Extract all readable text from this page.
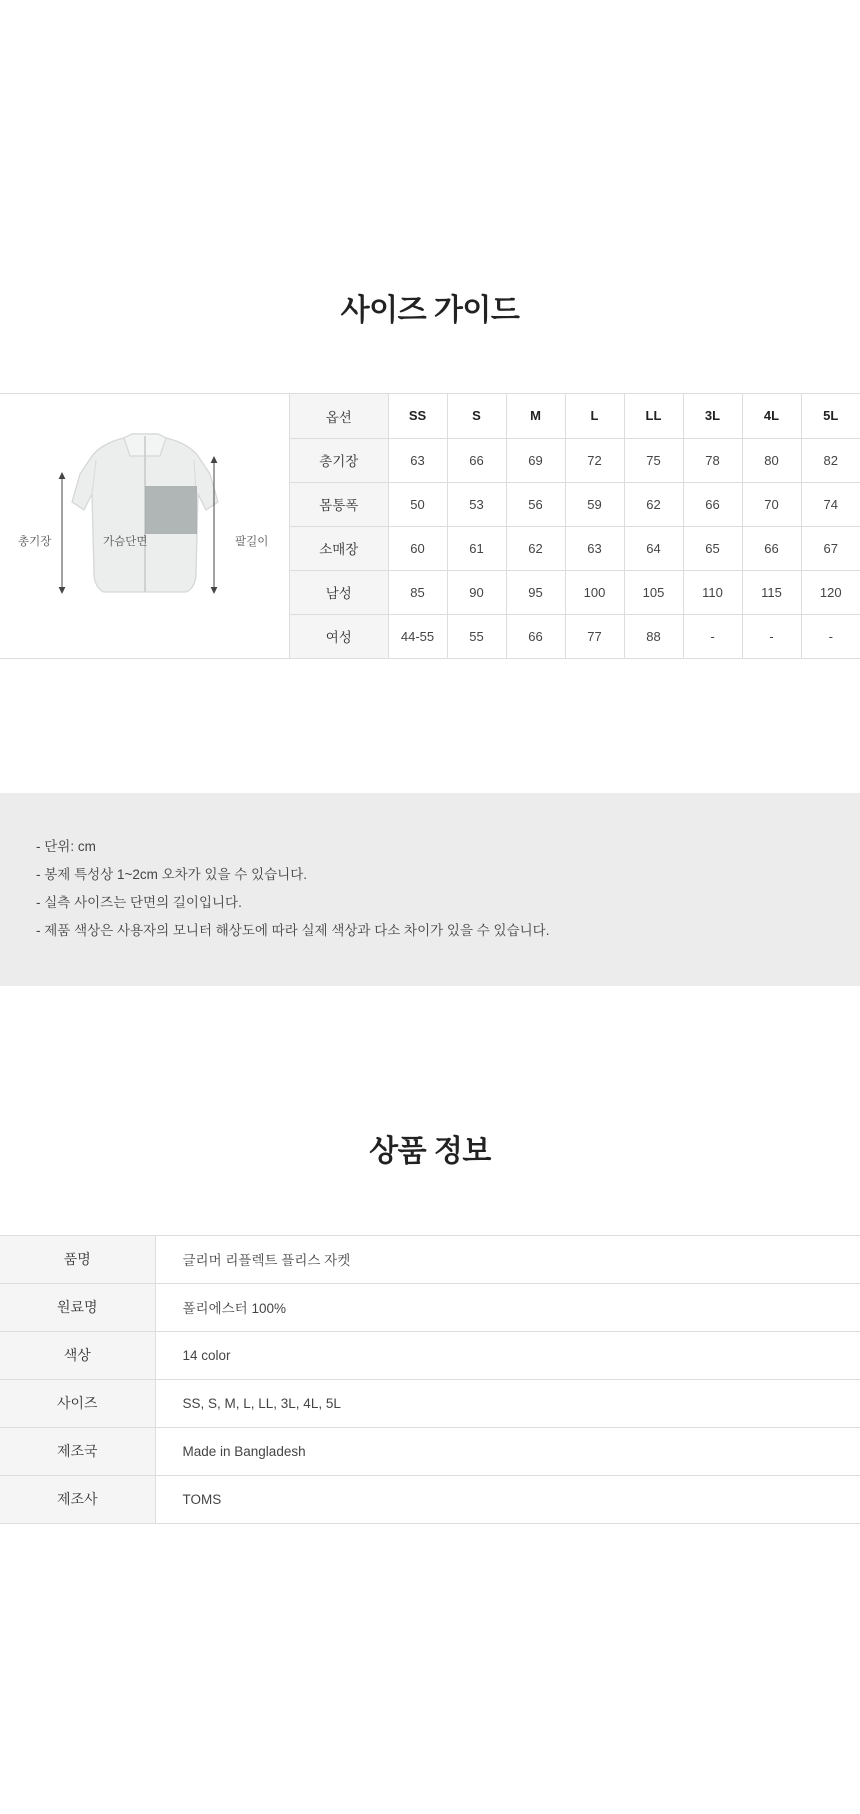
사이즈 가이드
총기장	가슴단면	팔길이
옵션	SS	S	M	L	LL	3L	4L	5L
총기장	63	66	69	72	75	78	80	82
몸통폭	50	53	56	59	62	66	70	74
소매장	60	61	62	63	64	65	66	67
남성	85	90	95	100	105	110	115	120
여성	44-55	55	66	77	88	-	-	-

- 단위: cm

- 봉제 특성상 1~2cm 오차가 있을 수 있습니다.

- 실측 사이즈는 단면의 길이입니다.

- 제품 색상은 사용자의 모니터 해상도에 따라 실제 색상과 다소 차이가 있을 수 있습니다.

상품 정보
품명	글리머 리플렉트 플리스 자켓
원료명	폴리에스터 100%
색상	14 color
사이즈	SS, S, M, L, LL, 3L, 4L, 5L
제조국	Made in Bangladesh
제조사	TOMS
